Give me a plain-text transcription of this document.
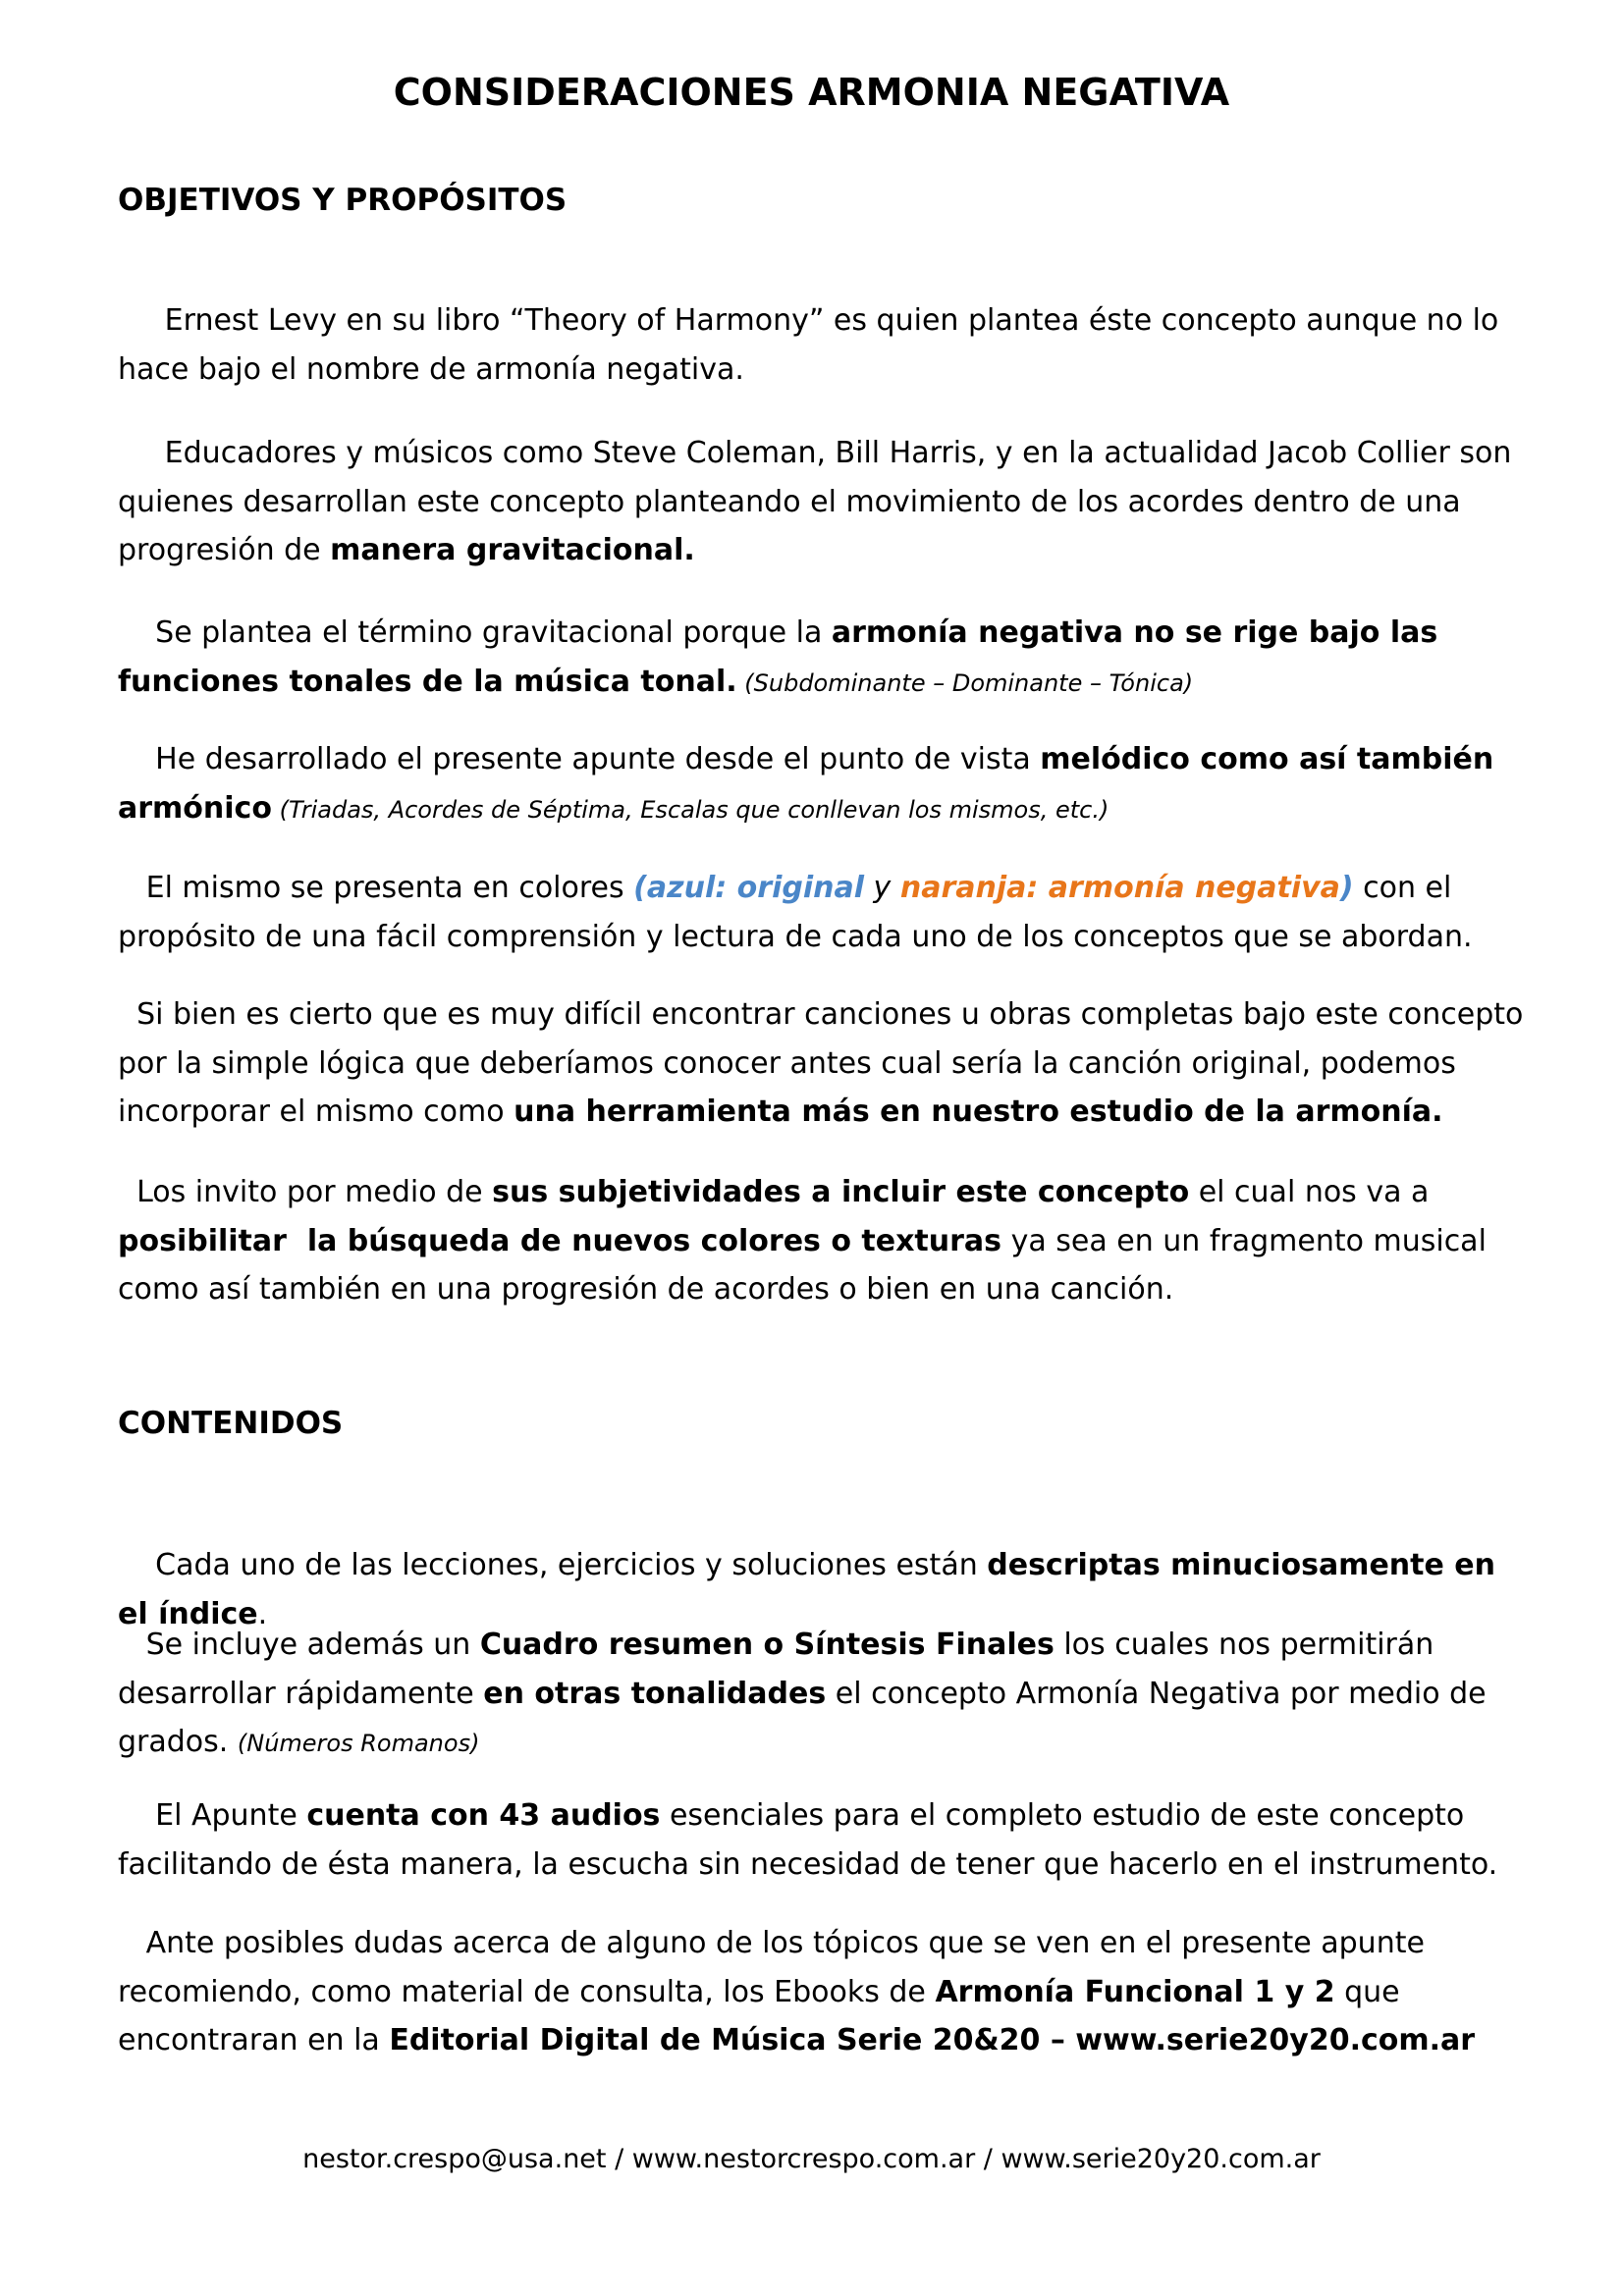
CONSIDERACIONES ARMONIA NEGATIVA
OBJETIVOS Y PROPÓSITOS

Ernest Levy en su libro “Theory of Harmony” es quien plantea éste concepto aunque no lo hace bajo el nombre de armonía negativa.

Educadores y músicos como Steve Coleman, Bill Harris, y en la actualidad Jacob Collier son quienes desarrollan este concepto planteando el movimiento de los acordes dentro de una progresión de manera gravitacional.

Se plantea el término gravitacional porque la armonía negativa no se rige bajo las funciones tonales de la música tonal. (Subdominante – Dominante – Tónica)

He desarrollado el presente apunte desde el punto de vista melódico como así también armónico (Triadas, Acordes de Séptima, Escalas que conllevan los mismos, etc.)

El mismo se presenta en colores (azul: original y naranja: armonía negativa) con el propósito de una fácil comprensión y lectura de cada uno de los conceptos que se abordan.

Si bien es cierto que es muy difícil encontrar canciones u obras completas bajo este concepto por la simple lógica que deberíamos conocer antes cual sería la canción original, podemos incorporar el mismo como una herramienta más en nuestro estudio de la armonía.

Los invito por medio de sus subjetividades a incluir este concepto el cual nos va a posibilitar  la búsqueda de nuevos colores o texturas ya sea en un fragmento musical como así también en una progresión de acordes o bien en una canción.

CONTENIDOS

Cada uno de las lecciones, ejercicios y soluciones están descriptas minuciosamente en el índice.

Se incluye además un Cuadro resumen o Síntesis Finales los cuales nos permitirán desarrollar rápidamente en otras tonalidades el concepto Armonía Negativa por medio de grados. (Números Romanos)

El Apunte cuenta con 43 audios esenciales para el completo estudio de este concepto facilitando de ésta manera, la escucha sin necesidad de tener que hacerlo en el instrumento.

Ante posibles dudas acerca de alguno de los tópicos que se ven en el presente apunte recomiendo, como material de consulta, los Ebooks de Armonía Funcional 1 y 2 que encontraran en la Editorial Digital de Música Serie 20&20 – www.serie20y20.com.ar

nestor.crespo@usa.net / www.nestorcrespo.com.ar / www.serie20y20.com.ar
